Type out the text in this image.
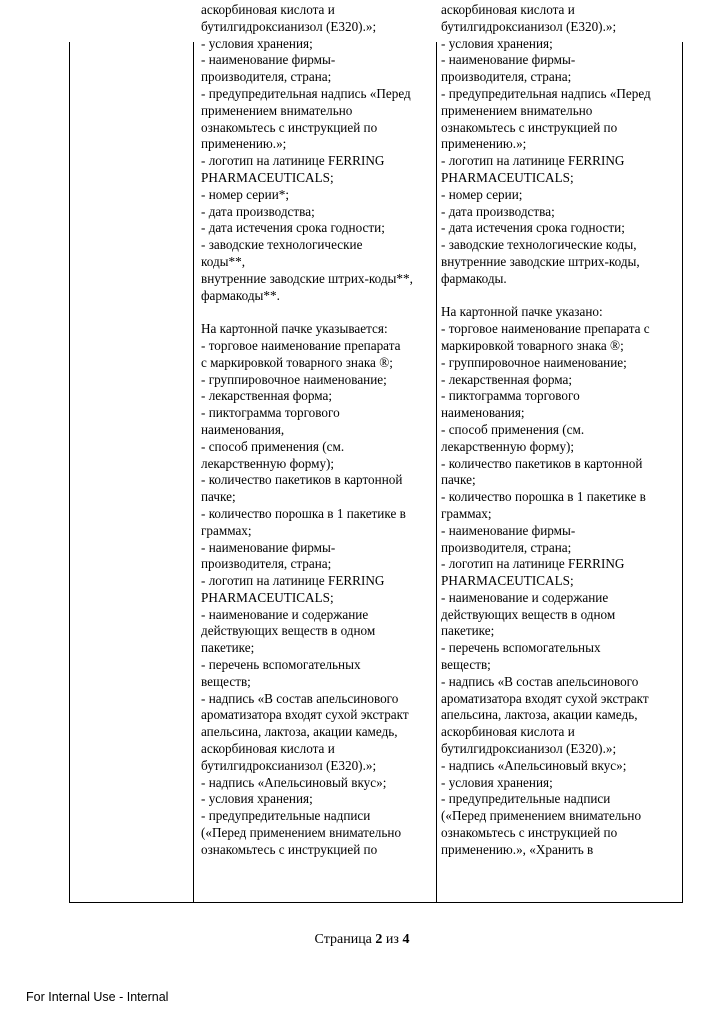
аскорбиновая кислота и
бутилгидроксианизол (Е320).»;
- условия хранения;
- наименование фирмы-
производителя, страна;
- предупредительная надпись «Перед
применением внимательно
ознакомьтесь с инструкцией по
применению.»;
- логотип на латинице FERRING
PHARMACEUTICALS;
- номер серии*;
- дата производства;
- дата истечения срока годности;
- заводские технологические
коды**,
внутренние заводские штрих-коды**,
фармакоды**.
На картонной пачке указывается:
- торговое наименование препарата
с маркировкой товарного знака ®;
- группировочное наименование;
- лекарственная форма;
- пиктограмма торгового
наименования,
- способ применения (см.
лекарственную форму);
- количество пакетиков в картонной
пачке;
- количество порошка в 1 пакетике в
граммах;
- наименование фирмы-
производителя, страна;
- логотип на латинице FERRING
PHARMACEUTICALS;
- наименование и содержание
действующих веществ в одном
пакетике;
- перечень вспомогательных
веществ;
- надпись «В состав апельсинового
ароматизатора входят сухой экстракт
апельсина, лактоза, акации камедь,
аскорбиновая кислота и
бутилгидроксианизол (Е320).»;
- надпись «Апельсиновый вкус»;
- условия хранения;
- предупредительные надписи
(«Перед применением внимательно
ознакомьтесь с инструкцией по
аскорбиновая кислота и
бутилгидроксианизол (Е320).»;
- условия хранения;
- наименование фирмы-
производителя, страна;
- предупредительная надпись «Перед
применением внимательно
ознакомьтесь с инструкцией по
применению.»;
- логотип на латинице FERRING
PHARMACEUTICALS;
- номер серии;
- дата производства;
- дата истечения срока годности;
- заводские технологические коды,
внутренние заводские штрих-коды,
фармакоды.
На картонной пачке указано:
- торговое наименование препарата с
маркировкой товарного знака ®;
- группировочное наименование;
- лекарственная форма;
- пиктограмма торгового
наименования;
- способ применения (см.
лекарственную форму);
- количество пакетиков в картонной
пачке;
- количество порошка в 1 пакетике в
граммах;
- наименование фирмы-
производителя, страна;
- логотип на латинице FERRING
PHARMACEUTICALS;
- наименование и содержание
действующих веществ в одном
пакетике;
- перечень вспомогательных
веществ;
- надпись «В состав апельсинового
ароматизатора входят сухой экстракт
апельсина, лактоза, акации камедь,
аскорбиновая кислота и
бутилгидроксианизол (Е320).»;
- надпись «Апельсиновый вкус»;
- условия хранения;
- предупредительные надписи
(«Перед применением внимательно
ознакомьтесь с инструкцией по
применению.», «Хранить в
Страница 2 из 4
For Internal Use - Internal
